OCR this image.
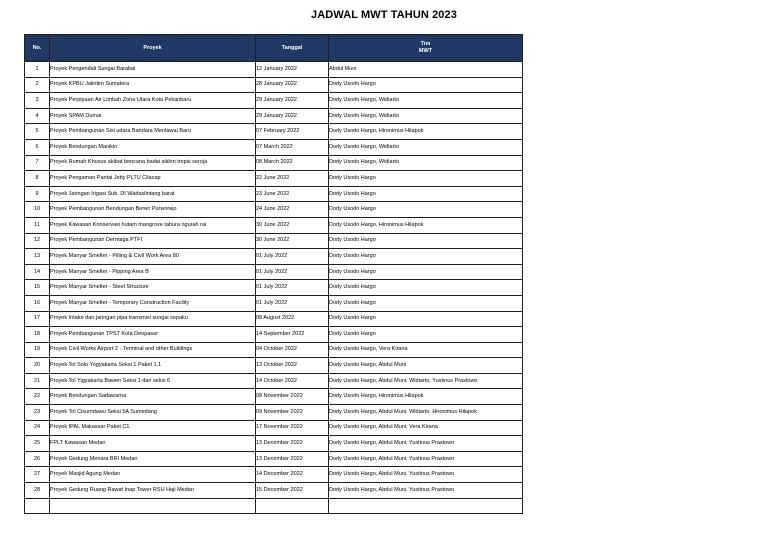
JADWAL MWT TAHUN 2023
No.	Proyek	Tanggal	Tim
MWT
1	Proyek Pengendali Sungai Barabai	12 January 2022	Abdul Muni
2	Proyek KPBU Jalintim Sumatera	28 January 2022	Dody Usodo Hargo
3	Proyek Perpipaan Air Limbah Zona Utara Kota Pekanbaru	29 January 2022	Dody Usodo Hargo, Widiarto
4	Proyek SPAM Dumai	29 January 2022	Dody Usodo Hargo, Widiarto
5	Proyek Pembangunan Sisi udara Bandara Mentawai Baru	07 February 2022	Dody Usodo Hargo, Hironimus Hilapok
6	Proyek Bendungan Manikin	07 March 2022	Dody Usodo Hargo, Widiarto
7	Proyek Rumah Khusus akibat bencana badai siklon tropis seroja	08 March 2022	Dody Usodo Hargo, Widiarto
8	Proyek Pengaman Pantai Jetty PLTU Cilacap	22 June 2022	Dody Usodo Hargo
9	Proyek Jaringan Irigasi Sub. DI Wadaslintang barat	23 June 2022	Dody Usodo Hargo
10	Proyek Pembangunan Bendungan Bener Purworejo	24 June 2022	Dody Usodo Hargo
11	Proyek Kawasan Konservasi hutam mangrove tahura ngurah rai	30 June 2022	Dody Usodo Hargo, Hironimus Hilapok
12	Proyek Pembangunan Dermaga PTFI	30 June 2022	Dody Usodo Hargo
13	Proyek Manyar Smelter - Pilling & Civil Work Area 80	01 July 2022	Dody Usodo Hargo
14	Proyek Manyar Smelter - Pipping Area B	01 July 2022	Dody Usodo Hargo
15	Proyek Manyar Smelter - Steel Structure	01 July 2022	Dody Usodo Hargo
16	Proyek Manyar Smelter - Temporary Construction Facility	01 July 2022	Dody Usodo Hargo
17	Proyek Intake dan jaringan pipa transmisi sungai sepaku	08 August 2022	Dody Usodo Hargo
18	Proyek Pembangunan TPST Kota Denpasar	14 September 2022	Dody Usodo Hargo
19	Proyek Civil Works Airport 2 - Terminal and other Buildings	04 October 2022	Dody Usodo Hargo, Vera Kirana
20	Proyek Tol Solo Yogyakarta Seksi 1 Paket 1.1	13 October 2022	Dody Usodo Hargo, Abdul Muni
21	Proyek Tol Yigyakarta Bawen Seksi 1 dan seksi 6	14 October 2022	Dody Usodo Hargo, Abdul Muni, Widiarto, Yustinus Prastowo
22	Proyek Bendungan Sadawarna	08 November 2022	Dody Usodo Hargo, Hironimus Hilapok
23	Proyek Tol Cisumdawu Seksi 5A Sumedang	09 November 2022	Dody Usodo Hargo, Abdul Muni, Widiarto, Hironimus Hilapok
24	Proyek IPAL Makassar Paket C1	17 November 2022	Dody Usodo Hargo, Abdul Muni, Vera Kirana
25	FPLT Kawasan Medan	13 December 2022	Dody Usodo Hargo, Abdul Muni, Yustinus Prastowo
26	Proyek Gedung Menara BRI Medan	13 December 2022	Dody Usodo Hargo, Abdul Muni, Yustinus Prastowo
27	Proyek Masjid Agung Medan	14 December 2022	Dody Usodo Hargo, Abdul Muni, Yustinus Prastowo
28	Proyek Gedung Ruang Rawat Inap Tower RSU Haji Medan	15 December 2022	Dody Usodo Hargo, Abdul Muni, Yustinus Prastowo
